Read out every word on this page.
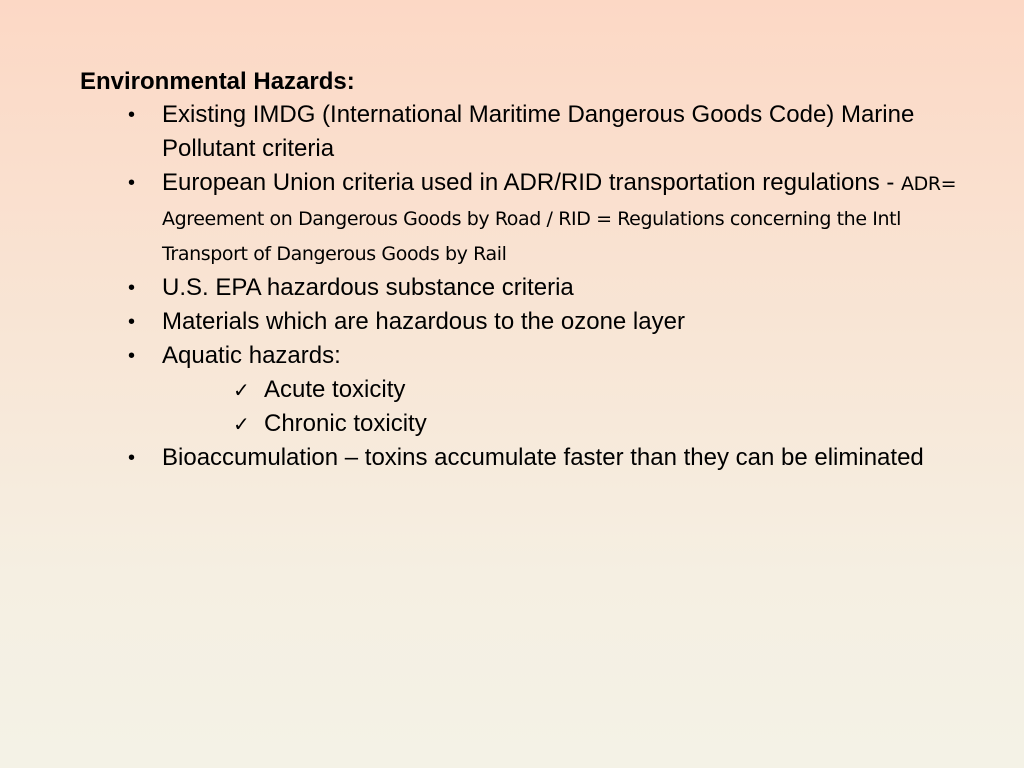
Environmental Hazards:

• Existing IMDG (International Maritime Dangerous Goods Code) Marine Pollutant criteria
• European Union criteria used in ADR/RID transportation regulations - ADR= Agreement on Dangerous Goods by Road / RID = Regulations concerning the Intl Transport of Dangerous Goods by Rail
• U.S. EPA hazardous substance criteria
• Materials which are hazardous to the ozone layer
• Aquatic hazards:
✓ Acute toxicity
✓ Chronic toxicity
• Bioaccumulation – toxins accumulate faster than they can be eliminated
